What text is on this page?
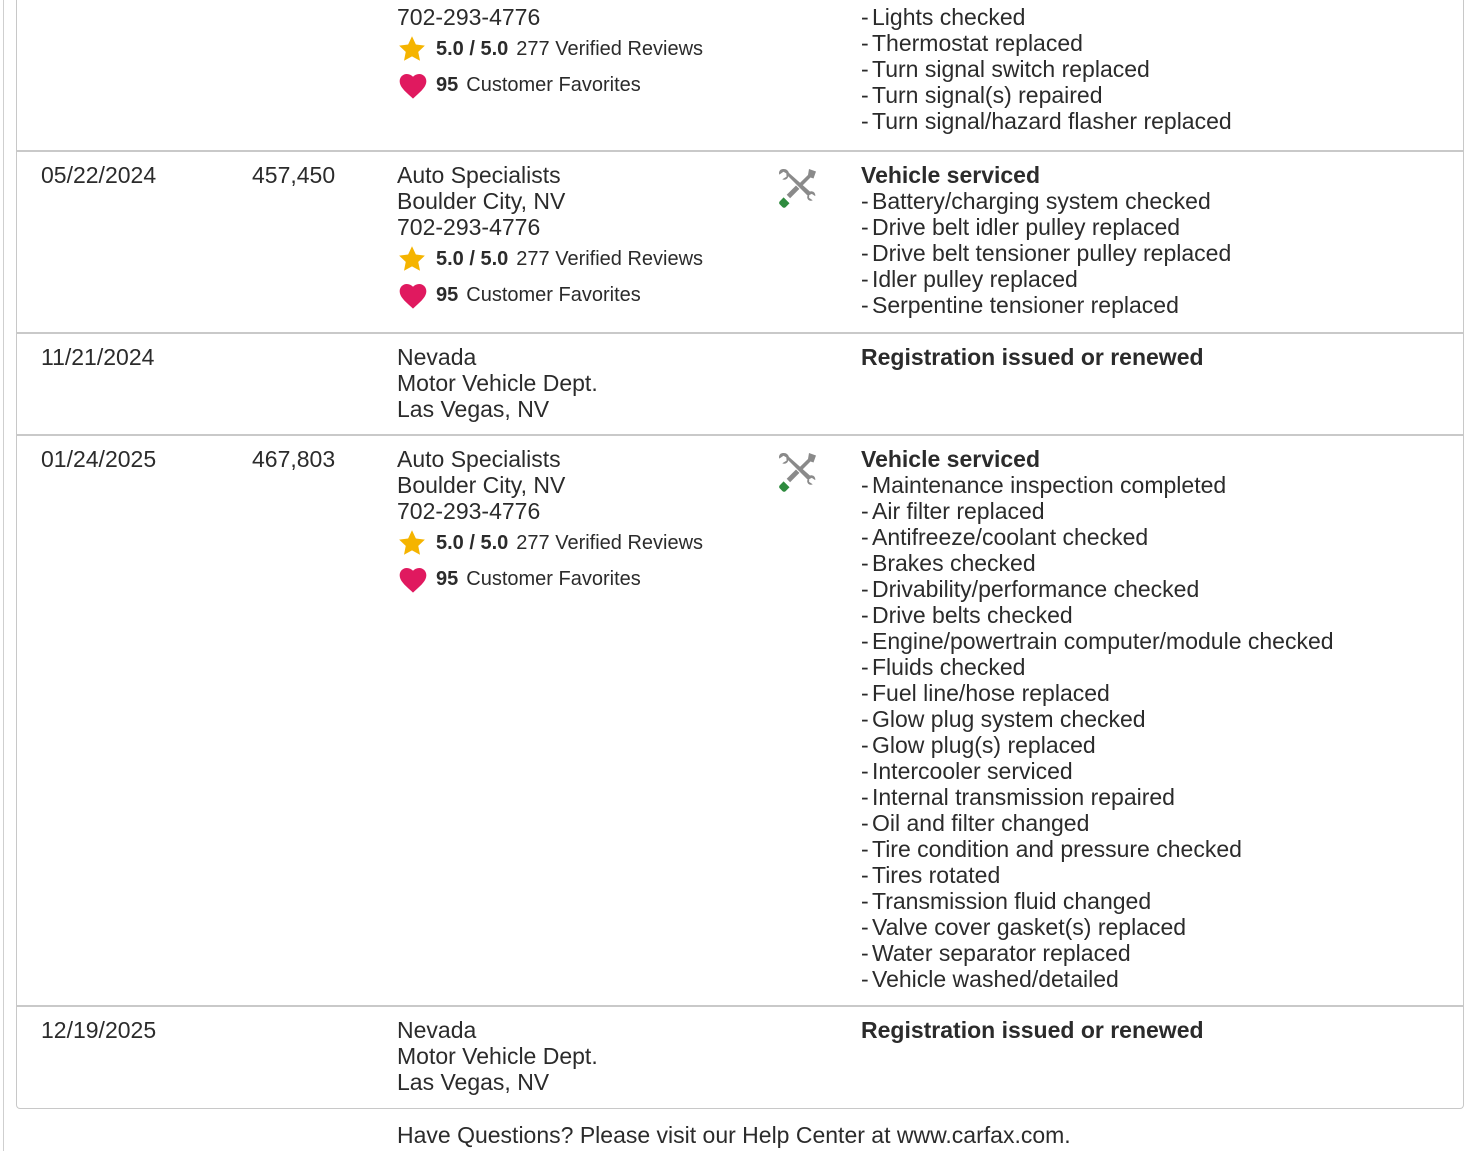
702-293-4776
5.0 / 5.0 277 Verified Reviews
95 Customer Favorites
- Lights checked
- Thermostat replaced
- Turn signal switch replaced
- Turn signal(s) repaired
- Turn signal/hazard flasher replaced
05/22/2024	457,450	Auto Specialists
Boulder City, NV
702-293-4776
5.0 / 5.0 277 Verified Reviews
95 Customer Favorites
Vehicle serviced
- Battery/charging system checked
- Drive belt idler pulley replaced
- Drive belt tensioner pulley replaced
- Idler pulley replaced
- Serpentine tensioner replaced
11/21/2024	Nevada
Motor Vehicle Dept.
Las Vegas, NV
Registration issued or renewed
01/24/2025	467,803	Auto Specialists
Boulder City, NV
702-293-4776
5.0 / 5.0 277 Verified Reviews
95 Customer Favorites
Vehicle serviced
- Maintenance inspection completed
- Air filter replaced
- Antifreeze/coolant checked
- Brakes checked
- Drivability/performance checked
- Drive belts checked
- Engine/powertrain computer/module checked
- Fluids checked
- Fuel line/hose replaced
- Glow plug system checked
- Glow plug(s) replaced
- Intercooler serviced
- Internal transmission repaired
- Oil and filter changed
- Tire condition and pressure checked
- Tires rotated
- Transmission fluid changed
- Valve cover gasket(s) replaced
- Water separator replaced
- Vehicle washed/detailed
12/19/2025	Nevada
Motor Vehicle Dept.
Las Vegas, NV
Registration issued or renewed
Have Questions? Please visit our Help Center at www.carfax.com.
